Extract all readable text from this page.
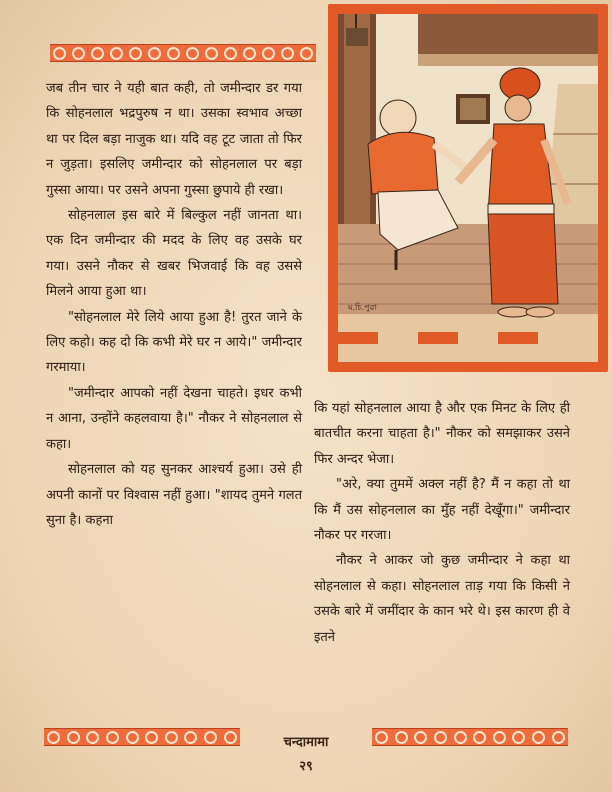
जब तीन चार ने यही बात कही, तो जमीन्दार डर गया कि सोहनलाल भद्रपुरुष न था। उसका स्वभाव अच्छा था पर दिल बड़ा नाजुक था। यदि वह टूट जाता तो फिर न जुड़ता। इसलिए जमीन्दार को सोहनलाल पर बड़ा गुस्सा आया। पर उसने अपना गुस्सा छुपाये ही रखा।

सोहनलाल इस बारे में बिल्कुल नहीं जानता था। एक दिन जमीन्दार की मदद के लिए वह उसके घर गया। उसने नौकर से खबर भिजवाई कि वह उससे मिलने आया हुआ था।

"सोहनलाल मेरे लिये आया हुआ है! तुरत जाने के लिए कहो। कह दो कि कभी मेरे घर न आये।" जमीन्दार गरमाया।

"जमीन्दार आपको नहीं देखना चाहते। इधर कभी न आना, उन्होंने कहलवाया है।" नौकर ने सोहनलाल से कहा।

सोहनलाल को यह सुनकर आश्चर्य हुआ। उसे ही अपनी कानों पर विश्वास नहीं हुआ। "शायद तुमने गलत सुना है। कहना

ম.চি.পুৱা

कि यहां सोहनलाल आया है और एक मिनट के लिए ही बातचीत करना चाहता है।" नौकर को समझाकर उसने फिर अन्दर भेजा।

"अरे, क्या तुममें अक्ल नहीं है? मैं न कहा तो था कि मैं उस सोहनलाल का मुँह नहीं देखूँगा।" जमीन्दार नौकर पर गरजा।

नौकर ने आकर जो कुछ जमीन्दार ने कहा था सोहनलाल से कहा। सोहनलाल ताड़ गया कि किसी ने उसके बारे में जमींदार के कान भरे थे। इस कारण ही वे इतने

चन्दामामा
२९
